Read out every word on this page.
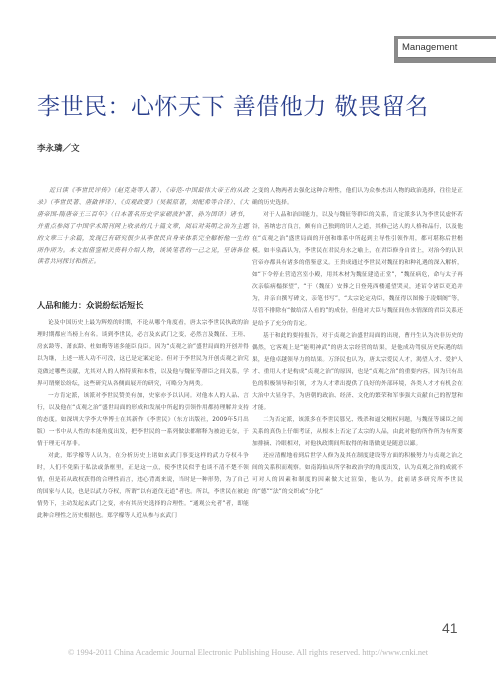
Management
李世民：心怀天下 善借他力 敬畏留名
李永璘／文

近日读《李世民评传》（赵克尧等人著）、《帝范-中国最伟大帝王的从政录》（李世民著、唐啟祥译）、《贞观政要》（吴兢原著，刘配希等合译）、《大唐帝国-隋唐帝王三百年》（日本著名历史学家砺波护著、孙为国译）诸书，并重点参阅了中国学术期刊网上收录的几十篇文章，阅后对英明之治为主题的文章三十余篇，发现已有研究很少从李世民自身来体系完全解析他一生的所作所为。本文拟借鉴相关资料介绍人物，谈谈笔者的一己之见，呈请各位读者共同探讨和指正。

人品和能力：众说纷纭话短长

论及中国历史上最为辉煌的时期，不论从哪个角度看，唐太宗李世民执政的治理时期都应当榜上有名。谈到李世民，必言及玄武门之变，必然言及魏征、王珪、房玄龄等、萧玄龄、杜如晦等诸多能臣良臣。因为“贞观之治”盛世局面的开创并得以为继，上述一班人功不可没，这已是定案定论。但对于李世民为开创贞观之治究竟做过哪些贡献，尤其对人的人格特质和本性，以及他与魏征等群臣之间关系，学界可谓聚讼纷纭，这些研究从各侧面展开的研究，可略分为两类。

一方肯定派，该派对李世民赞美有加，史家亦予以认同。对他本人的人品、言行，以及他在“贞观之治”盛世局面的形成和发展中所起的引领作用都持理解并支持的态度。如深圳大学李大华博士在其新作《李世民》（东方出版社，2009年5月出版）一书中从人性的本能角度出发，把李世民的一系列做法都解释为被迫无奈，于情于理无可厚非。

对此，郑学檬等人认为，在分析历史上诸如玄武门事变这样的武力夺权斗争时，人们不免陷于私法或条框里，正是这一点，使李世民似乎也谈不清不楚不领情，但是若从政权获得的合理性而言，违心背离来说，当时是一种形势，为了自己的国家与人民，也是以武力夺权，所谓“以有道伐无道”者也。所以，李世民在被迫情势下，主动发起玄武门之变，亦有其历史选择的合理性。“通观公允者”者，即能此种合理性之历史根据也。郑学檬等人近从参与玄武门

之变的人物两者去强化这种合理性，他们认为众参杰出人物的政治选择，往往是正确的历史选择。

对于人品和治国能力，以及与魏征等群臣的关系，肯定派多认为李世民虚怀若谷，善纳忠言良言，颇有自己独到的识人之道，其修己达人的人格和品行，以及他在“贞观之治”盛世局面的开创和维系中所起到主导性引领作用，都可堪称后世楷模。如丰泉森认为，李世民在君民舟水之喻上，在君臣修身自省上，对治今的认识官帝亦都具有诸多的借鉴意义。王贵成通过李世民对魏征的和种礼遇的深入解析，如“下令停止营造宫室小殿，用其木材为魏征建造正堂”，“魏征病危，命与太子再次亲临病榻探望”，“于（魏征）安葬之日登苑西楼遥望哭灵，述诏令诸臣吏追并为，并亲自撰写碑文，亲笔书写”，“太宗论定功臣，魏征得以图像于凌烟阁”等，尽管不排除有“做给活人看的”的成份，但他对大臣与魏征间鱼水情深的君臣关系还是给予了充分的肯定。

基于和此的要持报告，对于贞观之治盛世局面的出现，曹丹生认为决非历史的偶然，它客观上是“能明神武”的唐太宗经营的结果，是他成功驾驭历史际遇的结果，是他卓越领导力的结果。万泽民也认为，唐太宗爱民人才，渴望人才、爱护人才、重用人才是构成“贞观之治”的原因，也是“贞观之治”的重要内容，因为只有出色的积极领导和引领，才为人才辈出提供了良好的外部环境，各类人才才有机会在大治中大显身手，为唐朝的政治、经济、文化的繁荣和军事强大贡献自己的智慧和才能。

二为否定派，该派多在李世民篡兄、残杀和逼父帽权问题，与魏征等谏臣之间关系的真伪上仔细考证，从根本上否定了太宗的人品，由此对他的所作所为有所要加排摘、冷眼相对，对他执政期间所取得的和谐做更是随意以鄙。

还应清醒地看到后世学人修为及其在制度建设等方面的积极努力与贞观之治之间的关系积而观察。如南海仙从所学和政治学的角度出发，认为贞观之治的成就不可对人的因素和制度的因素做大过渲染，他认为，此前诸多研究所李世民的“德”“法”的交织或“分化”

41
© 1994-2011 China Academic Journal Electronic Publishing House. All rights reserved. http://www.cnki.net
